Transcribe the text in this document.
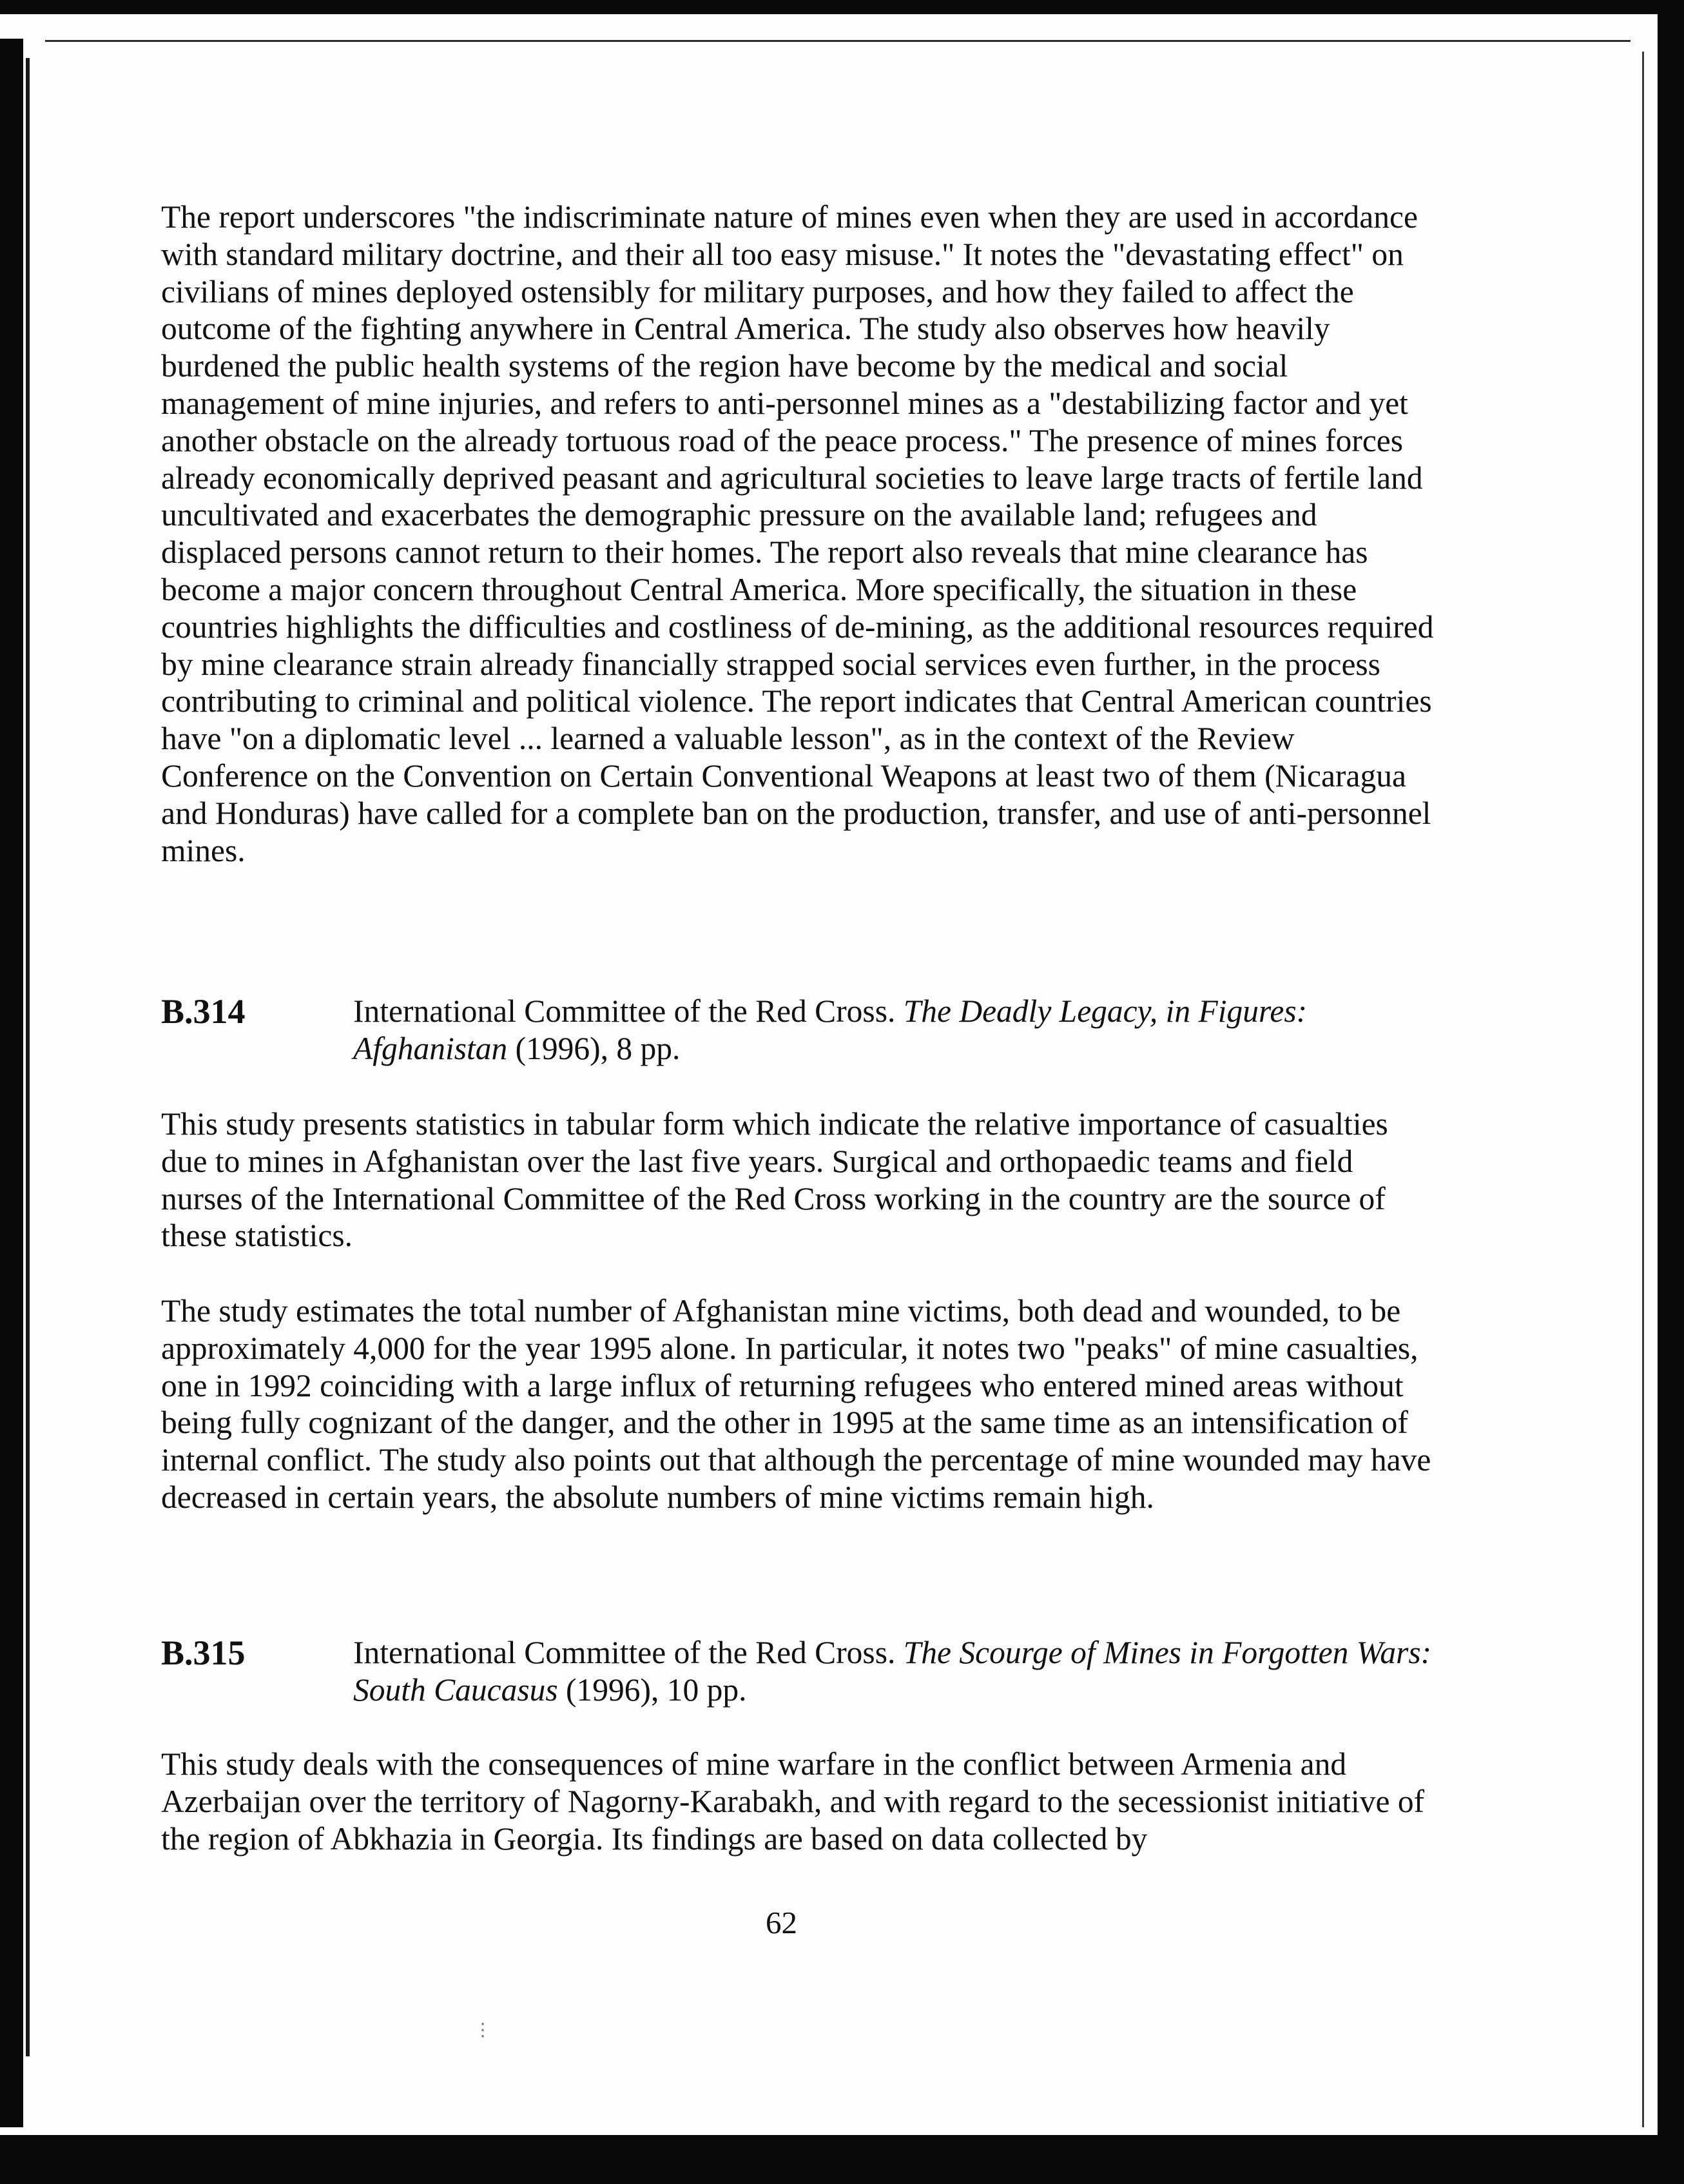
The report underscores "the indiscriminate nature of mines even when they are used in accordance with standard military doctrine, and their all too easy misuse." It notes the "devastating effect" on civilians of mines deployed ostensibly for military purposes, and how they failed to affect the outcome of the fighting anywhere in Central America. The study also observes how heavily burdened the public health systems of the region have become by the medical and social management of mine injuries, and refers to anti-personnel mines as a "destabilizing factor and yet another obstacle on the already tortuous road of the peace process." The presence of mines forces already economically deprived peasant and agricultural societies to leave large tracts of fertile land uncultivated and exacerbates the demographic pressure on the available land; refugees and displaced persons cannot return to their homes. The report also reveals that mine clearance has become a major concern throughout Central America. More specifically, the situation in these countries highlights the difficulties and costliness of de-mining, as the additional resources required by mine clearance strain already financially strapped social services even further, in the process contributing to criminal and political violence. The report indicates that Central American countries have "on a diplomatic level ... learned a valuable lesson", as in the context of the Review Conference on the Convention on Certain Conventional Weapons at least two of them (Nicaragua and Honduras) have called for a complete ban on the production, transfer, and use of anti-personnel mines.

B.314	International Committee of the Red Cross. The Deadly Legacy, in Figures: Afghanistan (1996), 8 pp.

This study presents statistics in tabular form which indicate the relative importance of casualties due to mines in Afghanistan over the last five years. Surgical and orthopaedic teams and field nurses of the International Committee of the Red Cross working in the country are the source of these statistics.

The study estimates the total number of Afghanistan mine victims, both dead and wounded, to be approximately 4,000 for the year 1995 alone. In particular, it notes two "peaks" of mine casualties, one in 1992 coinciding with a large influx of returning refugees who entered mined areas without being fully cognizant of the danger, and the other in 1995 at the same time as an intensification of internal conflict. The study also points out that although the percentage of mine wounded may have decreased in certain years, the absolute numbers of mine victims remain high.

B.315	International Committee of the Red Cross. The Scourge of Mines in Forgotten Wars: South Caucasus (1996), 10 pp.

This study deals with the consequences of mine warfare in the conflict between Armenia and Azerbaijan over the territory of Nagorny-Karabakh, and with regard to the secessionist initiative of the region of Abkhazia in Georgia. Its findings are based on data collected by

62
⋮
